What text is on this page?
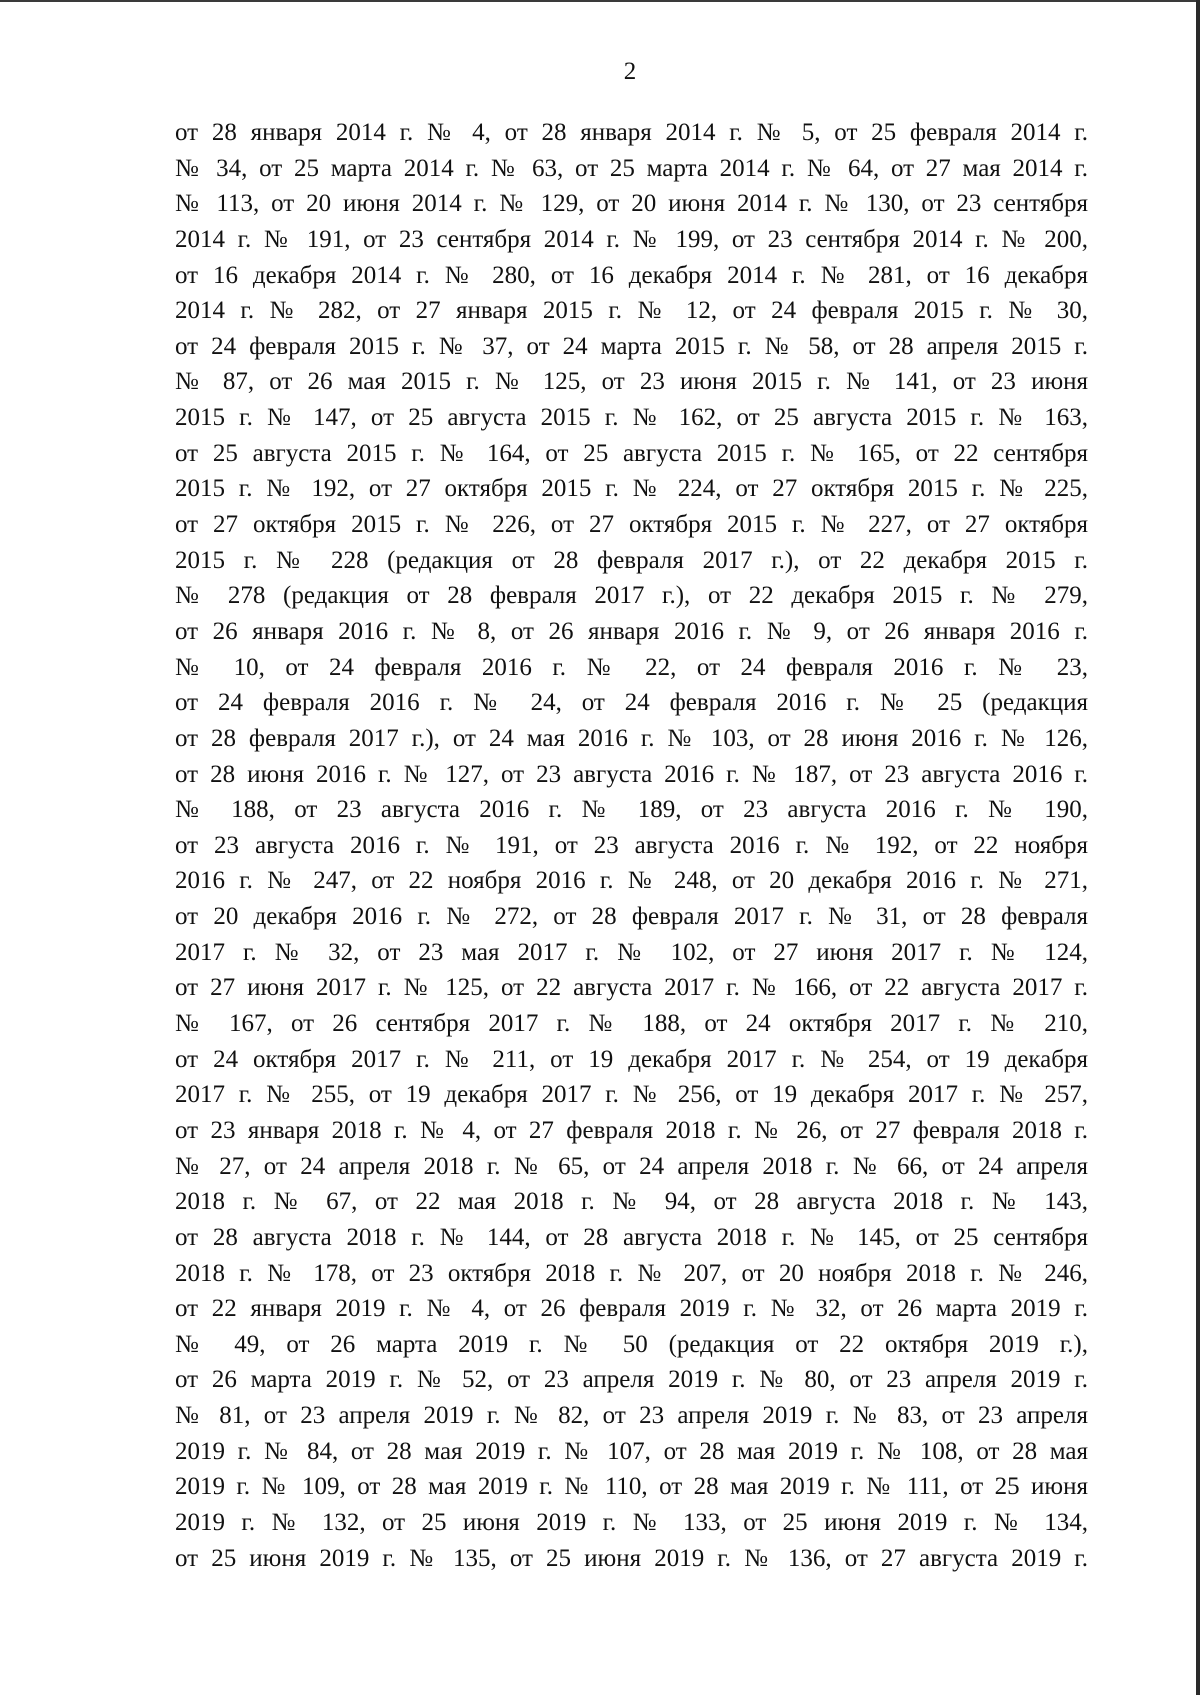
2
от 28 января 2014 г. № 4, от 28 января 2014 г. № 5, от 25 февраля 2014 г.
№ 34, от 25 марта 2014 г. № 63, от 25 марта 2014 г. № 64, от 27 мая 2014 г.
№ 113, от 20 июня 2014 г. № 129, от 20 июня 2014 г. № 130, от 23 сентября
2014 г. № 191, от 23 сентября 2014 г. № 199, от 23 сентября 2014 г. № 200,
от 16 декабря 2014 г. № 280, от 16 декабря 2014 г. № 281, от 16 декабря
2014 г. № 282, от 27 января 2015 г. № 12, от 24 февраля 2015 г. № 30,
от 24 февраля 2015 г. № 37, от 24 марта 2015 г. № 58, от 28 апреля 2015 г.
№ 87, от 26 мая 2015 г. № 125, от 23 июня 2015 г. № 141, от 23 июня
2015 г. № 147, от 25 августа 2015 г. № 162, от 25 августа 2015 г. № 163,
от 25 августа 2015 г. № 164, от 25 августа 2015 г. № 165, от 22 сентября
2015 г. № 192, от 27 октября 2015 г. № 224, от 27 октября 2015 г. № 225,
от 27 октября 2015 г. № 226, от 27 октября 2015 г. № 227, от 27 октября
2015 г. № 228 (редакция от 28 февраля 2017 г.), от 22 декабря 2015 г.
№ 278 (редакция от 28 февраля 2017 г.), от 22 декабря 2015 г. № 279,
от 26 января 2016 г. № 8, от 26 января 2016 г. № 9, от 26 января 2016 г.
№ 10, от 24 февраля 2016 г. № 22, от 24 февраля 2016 г. № 23,
от 24 февраля 2016 г. № 24, от 24 февраля 2016 г. № 25 (редакция
от 28 февраля 2017 г.), от 24 мая 2016 г. № 103, от 28 июня 2016 г. № 126,
от 28 июня 2016 г. № 127, от 23 августа 2016 г. № 187, от 23 августа 2016 г.
№ 188, от 23 августа 2016 г. № 189, от 23 августа 2016 г. № 190,
от 23 августа 2016 г. № 191, от 23 августа 2016 г. № 192, от 22 ноября
2016 г. № 247, от 22 ноября 2016 г. № 248, от 20 декабря 2016 г. № 271,
от 20 декабря 2016 г. № 272, от 28 февраля 2017 г. № 31, от 28 февраля
2017 г. № 32, от 23 мая 2017 г. № 102, от 27 июня 2017 г. № 124,
от 27 июня 2017 г. № 125, от 22 августа 2017 г. № 166, от 22 августа 2017 г.
№ 167, от 26 сентября 2017 г. № 188, от 24 октября 2017 г. № 210,
от 24 октября 2017 г. № 211, от 19 декабря 2017 г. № 254, от 19 декабря
2017 г. № 255, от 19 декабря 2017 г. № 256, от 19 декабря 2017 г. № 257,
от 23 января 2018 г. № 4, от 27 февраля 2018 г. № 26, от 27 февраля 2018 г.
№ 27, от 24 апреля 2018 г. № 65, от 24 апреля 2018 г. № 66, от 24 апреля
2018 г. № 67, от 22 мая 2018 г. № 94, от 28 августа 2018 г. № 143,
от 28 августа 2018 г. № 144, от 28 августа 2018 г. № 145, от 25 сентября
2018 г. № 178, от 23 октября 2018 г. № 207, от 20 ноября 2018 г. № 246,
от 22 января 2019 г. № 4, от 26 февраля 2019 г. № 32, от 26 марта 2019 г.
№ 49, от 26 марта 2019 г. № 50 (редакция от 22 октября 2019 г.),
от 26 марта 2019 г. № 52, от 23 апреля 2019 г. № 80, от 23 апреля 2019 г.
№ 81, от 23 апреля 2019 г. № 82, от 23 апреля 2019 г. № 83, от 23 апреля
2019 г. № 84, от 28 мая 2019 г. № 107, от 28 мая 2019 г. № 108, от 28 мая
2019 г. № 109, от 28 мая 2019 г. № 110, от 28 мая 2019 г. № 111, от 25 июня
2019 г. № 132, от 25 июня 2019 г. № 133, от 25 июня 2019 г. № 134,
от 25 июня 2019 г. № 135, от 25 июня 2019 г. № 136, от 27 августа 2019 г.
